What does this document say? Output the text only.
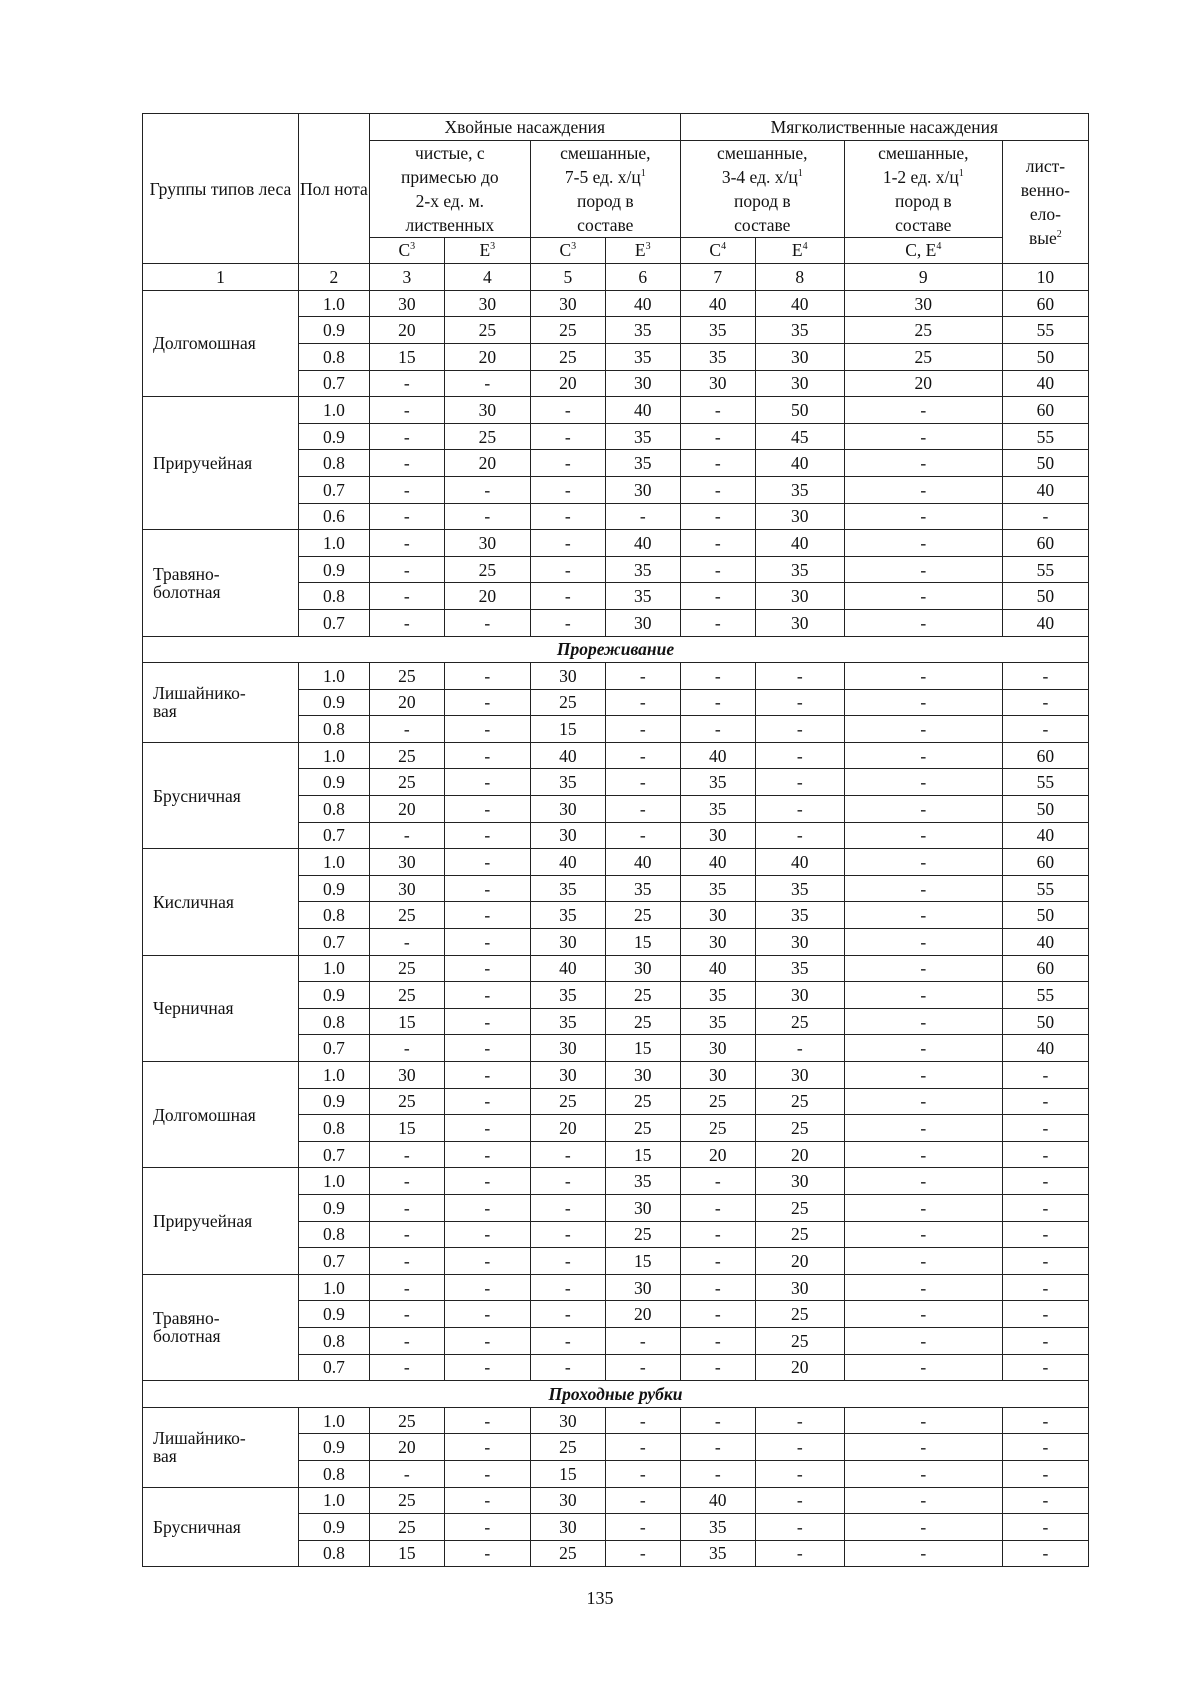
Группы типов леса	Пол нота	Хвойные насаждения				Мягколиственные насаждения			
		чистые, с
примесью до
2-х ед. м.
лиственных		смешанные,
7-5 ед. $х/ц^1$
пород в
составе		смешанные,
3-4 ед. $х/ц^1$
пород в
составе		смешанные,
1-2 ед. $х/ц^1$
пород в
составе	лист-
венно-
ело-
вые$^2$
		$С^3$	$Е^3$	$С^3$	$Е^3$	$С^4$	$Е^4$	С, $Е^4$
1	2	3	4	5	6	7	8	9	10
Долгомошная	1.0	30	30	30	40	40	40	30	60
	0.9	20	25	25	35	35	35	25	55
	0.8	15	20	25	35	35	30	25	50
	0.7	-	-	20	30	30	30	20	40
Приручейная	1.0	-	30	-	40	-	50	-	60
	0.9	-	25	-	35	-	45	-	55
	0.8	-	20	-	35	-	40	-	50
	0.7	-	-	-	30	-	35	-	40
	0.6	-	-	-	-	-	30	-	-
Травяно-
болотная	1.0	-	30	-	40	-	40	-	60
	0.9	-	25	-	35	-	35	-	55
	0.8	-	20	-	35	-	30	-	50
	0.7	-	-	-	30	-	30	-	40
Прореживание									
Лишайнико-
вая	1.0	25	-	30	-	-	-	-	-
	0.9	20	-	25	-	-	-	-	-
	0.8	-	-	15	-	-	-	-	-
Брусничная	1.0	25	-	40	-	40	-	-	60
	0.9	25	-	35	-	35	-	-	55
	0.8	20	-	30	-	35	-	-	50
	0.7	-	-	30	-	30	-	-	40
Кисличная	1.0	30	-	40	40	40	40	-	60
	0.9	30	-	35	35	35	35	-	55
	0.8	25	-	35	25	30	35	-	50
	0.7	-	-	30	15	30	30	-	40
Черничная	1.0	25	-	40	30	40	35	-	60
	0.9	25	-	35	25	35	30	-	55
	0.8	15	-	35	25	35	25	-	50
	0.7	-	-	30	15	30	-	-	40
Долгомошная	1.0	30	-	30	30	30	30	-	-
	0.9	25	-	25	25	25	25	-	-
	0.8	15	-	20	25	25	25	-	-
	0.7	-	-	-	15	20	20	-	-
Приручейная	1.0	-	-	-	35	-	30	-	-
	0.9	-	-	-	30	-	25	-	-
	0.8	-	-	-	25	-	25	-	-
	0.7	-	-	-	15	-	20	-	-
Травяно-
болотная	1.0	-	-	-	30	-	30	-	-
	0.9	-	-	-	20	-	25	-	-
	0.8	-	-	-	-	-	25	-	-
	0.7	-	-	-	-	-	20	-	-
Проходные рубки									
Лишайнико-
вая	1.0	25	-	30	-	-	-	-	-
	0.9	20	-	25	-	-	-	-	-
	0.8	-	-	15	-	-	-	-	-
Брусничная	1.0	25	-	30	-	40	-	-	-
	0.9	25	-	30	-	35	-	-	-
	0.8	15	-	25	-	35	-	-	-
135
